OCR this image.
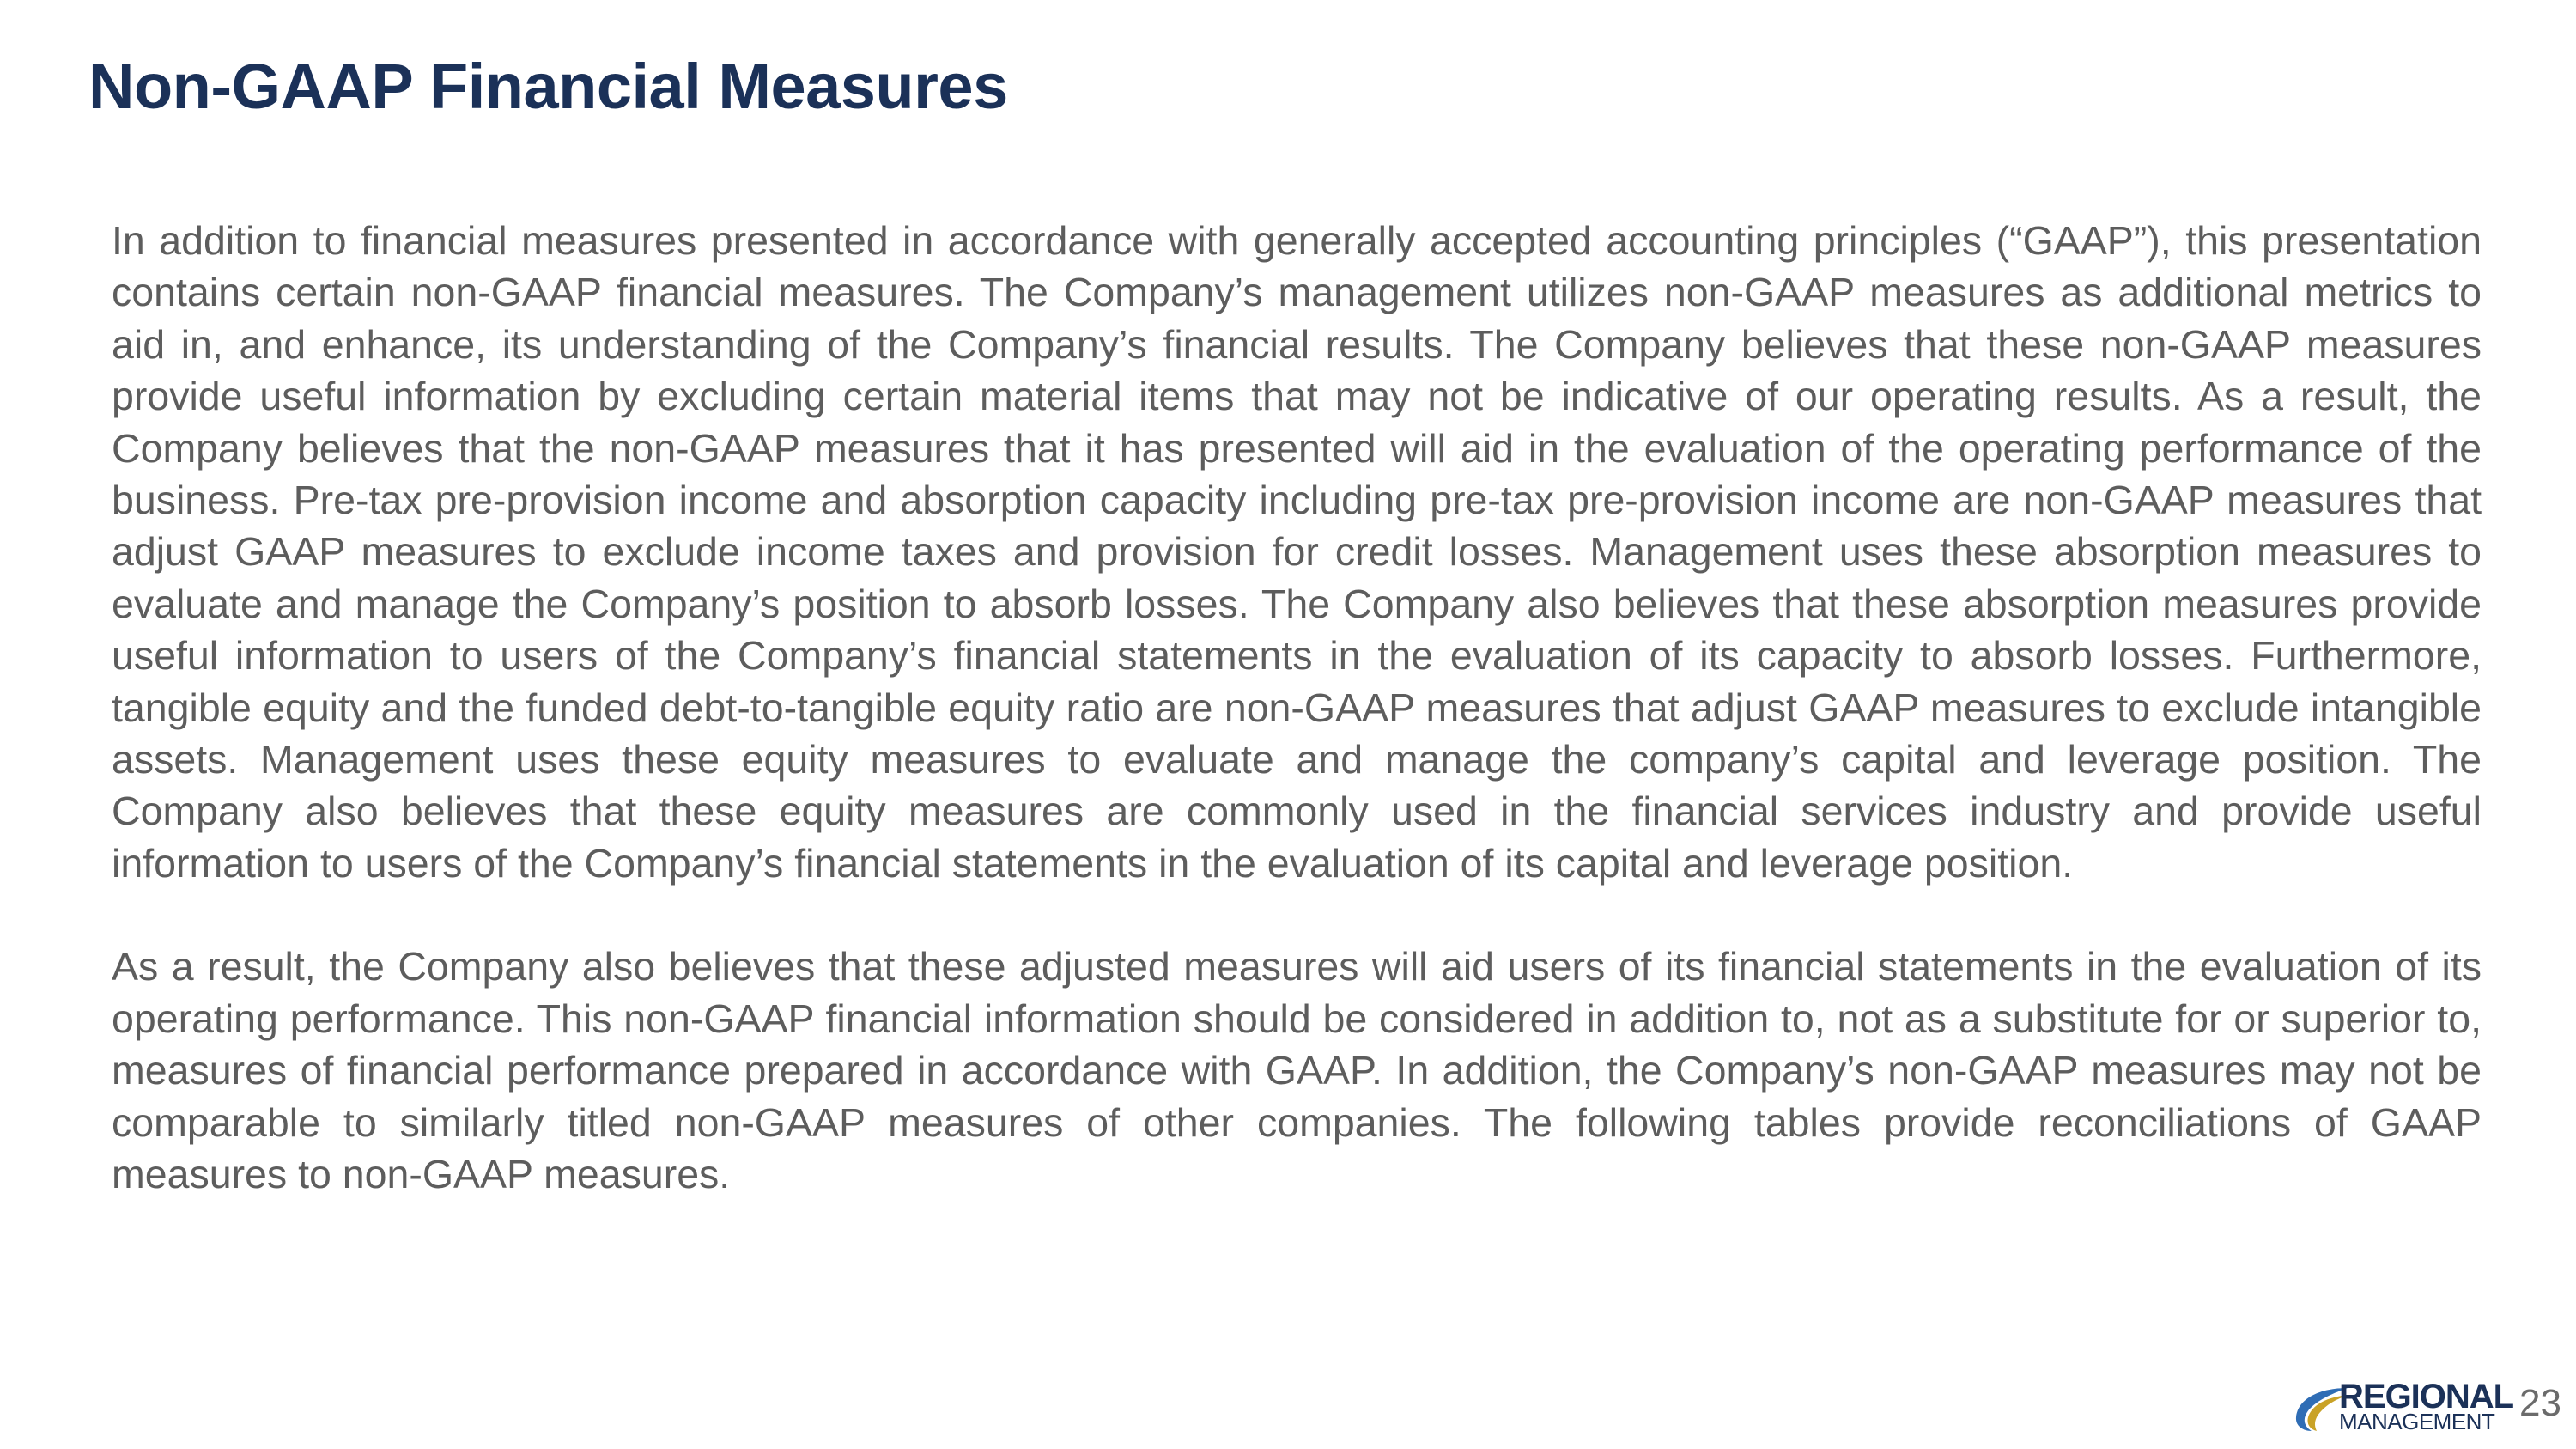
Non-GAAP Financial Measures

In addition to financial measures presented in accordance with generally accepted accounting principles (“GAAP”), this presentation contains certain non-GAAP financial measures. The Company’s management utilizes non-GAAP measures as additional metrics to aid in, and enhance, its understanding of the Company’s financial results. The Company believes that these non-GAAP measures provide useful information by excluding certain material items that may not be indicative of our operating results. As a result, the Company believes that the non-GAAP measures that it has presented will aid in the evaluation of the operating performance of the business. Pre-tax pre-provision income and absorption capacity including pre-tax pre-provision income are non-GAAP measures that adjust GAAP measures to exclude income taxes and provision for credit losses. Management uses these absorption measures to evaluate and manage the Company’s position to absorb losses. The Company also believes that these absorption measures provide useful information to users of the Company’s financial statements in the evaluation of its capacity to absorb losses. Furthermore, tangible equity and the funded debt-to-tangible equity ratio are non-GAAP measures that adjust GAAP measures to exclude intangible assets. Management uses these equity measures to evaluate and manage the company’s capital and leverage position. The Company also believes that these equity measures are commonly used in the financial services industry and provide useful information to users of the Company’s financial statements in the evaluation of its capital and leverage position.

As a result, the Company also believes that these adjusted measures will aid users of its financial statements in the evaluation of its operating performance. This non-GAAP financial information should be considered in addition to, not as a substitute for or superior to, measures of financial performance prepared in accordance with GAAP. In addition, the Company’s non-GAAP measures may not be comparable to similarly titled non-GAAP measures of other companies. The following tables provide reconciliations of GAAP measures to non-GAAP measures.

REGIONAL
MANAGEMENT 23
